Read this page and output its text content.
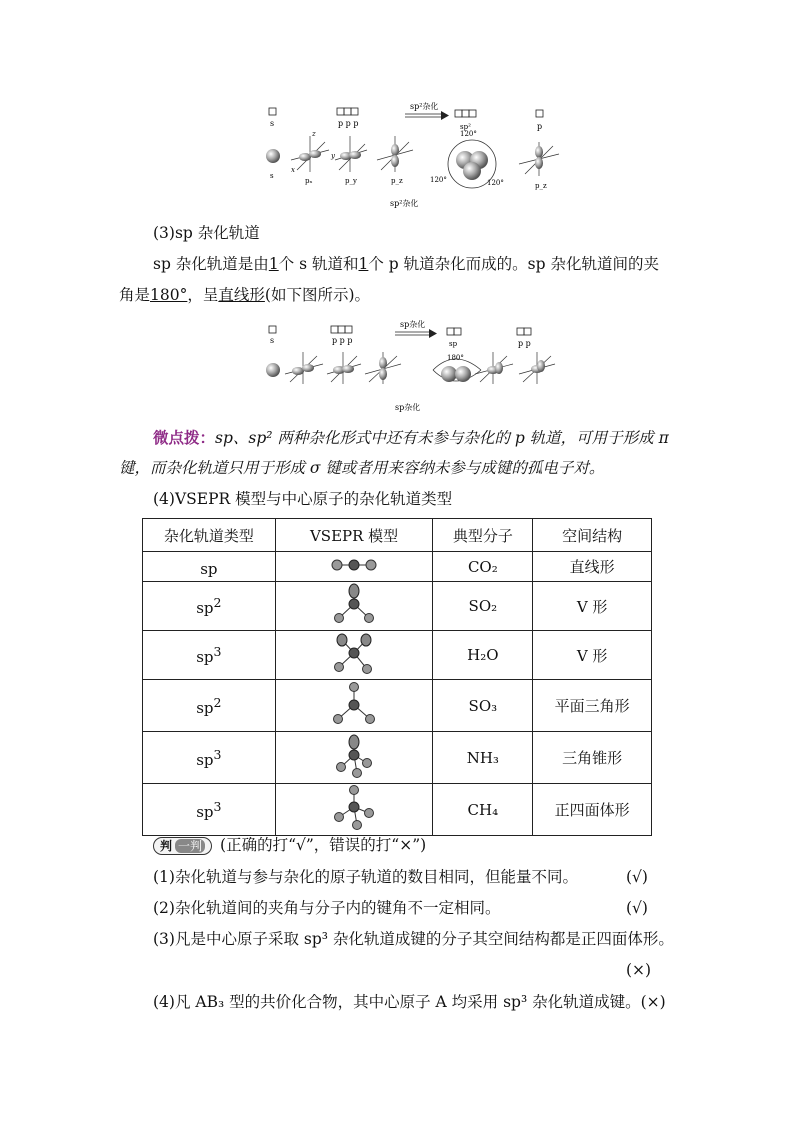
s	p p p
sp²杂化
sp²	p
s
z
x
y
pₓ	p_y	p_z
120°
120°	120°	p_z
sp²杂化
(3)sp 杂化轨道
sp 杂化轨道是由1个 s 轨道和1个 p 轨道杂化而成的。sp 杂化轨道间的夹
角是180°，呈直线形(如下图所示)。
s	p p p
sp杂化
sp	p p
180°
sp杂化
微点拨：sp、sp² 两种杂化形式中还有未参与杂化的 p 轨道，可用于形成 π
键，而杂化轨道只用于形成 σ 键或者用来容纳未参与成键的孤电子对。
(4)VSEPR 模型与中心原子的杂化轨道类型
杂化轨道类型	VSEPR 模型	典型分子	空间结构
sp		CO₂	直线形
$sp^2$		SO₂	V 形
$sp^3$		H₂O	V 形
$sp^2$		SO₃	平面三角形
$sp^3$		NH₃	三角锥形
$sp^3$		CH₄	正四面体形
判 一判 (正确的打“√”，错误的打“×”)
(1)杂化轨道与参与杂化的原子轨道的数目相同，但能量不同。	(√)
(2)杂化轨道间的夹角与分子内的键角不一定相同。	(√)
(3)凡是中心原子采取 sp³ 杂化轨道成键的分子其空间结构都是正四面体形。
(×)
(4)凡 AB₃ 型的共价化合物，其中心原子 A 均采用 sp³ 杂化轨道成键。(×)
